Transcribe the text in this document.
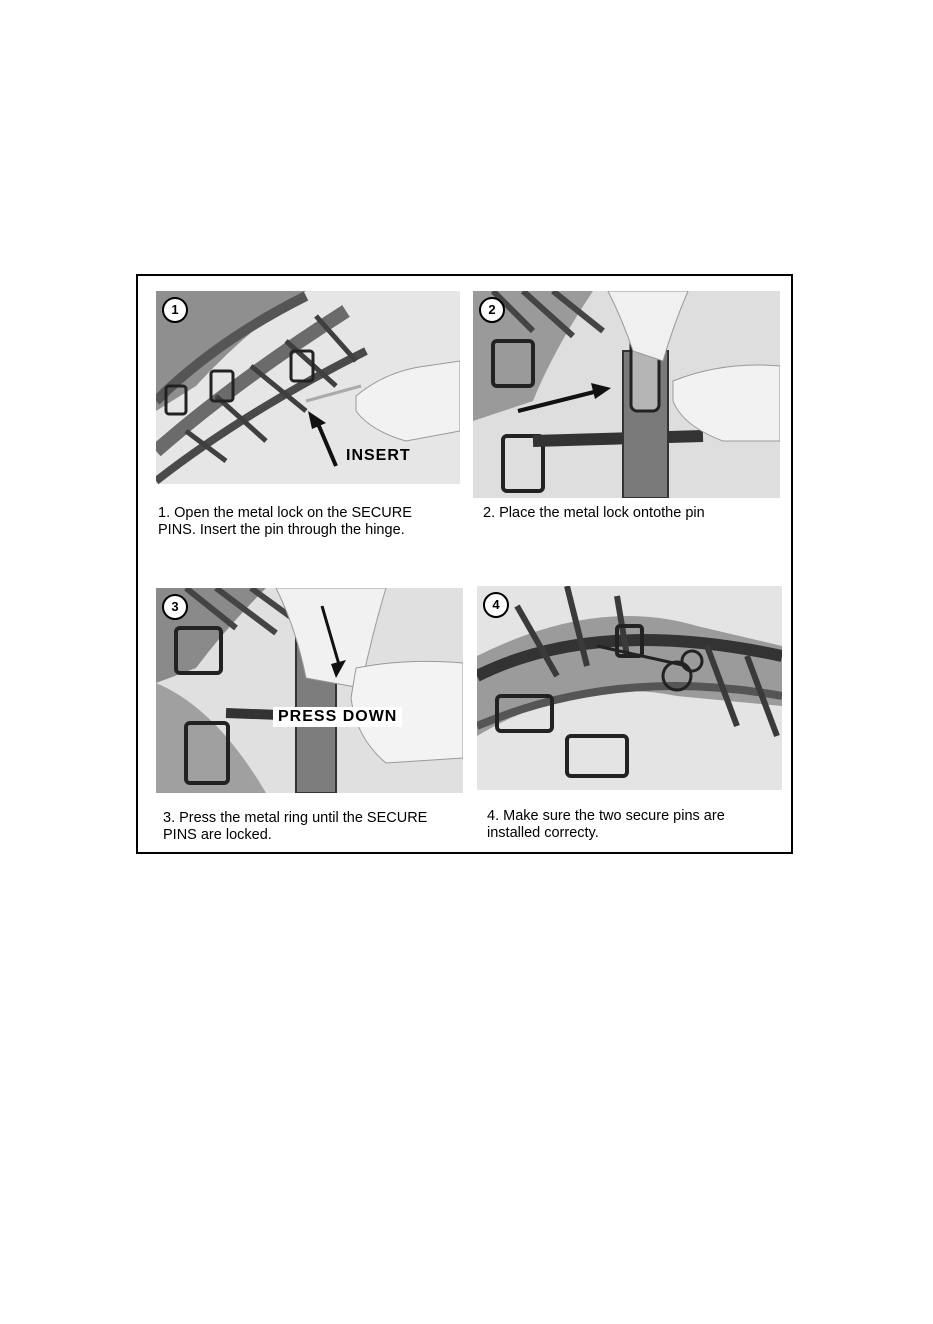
1
INSERT
1. Open the metal lock on the SECURE
PINS. Insert the pin through the hinge.
2
2. Place the metal lock ontothe pin
3
PRESS DOWN
3. Press the metal ring until the SECURE
PINS are locked.
4
4. Make sure the two secure pins are
installed correcty.
